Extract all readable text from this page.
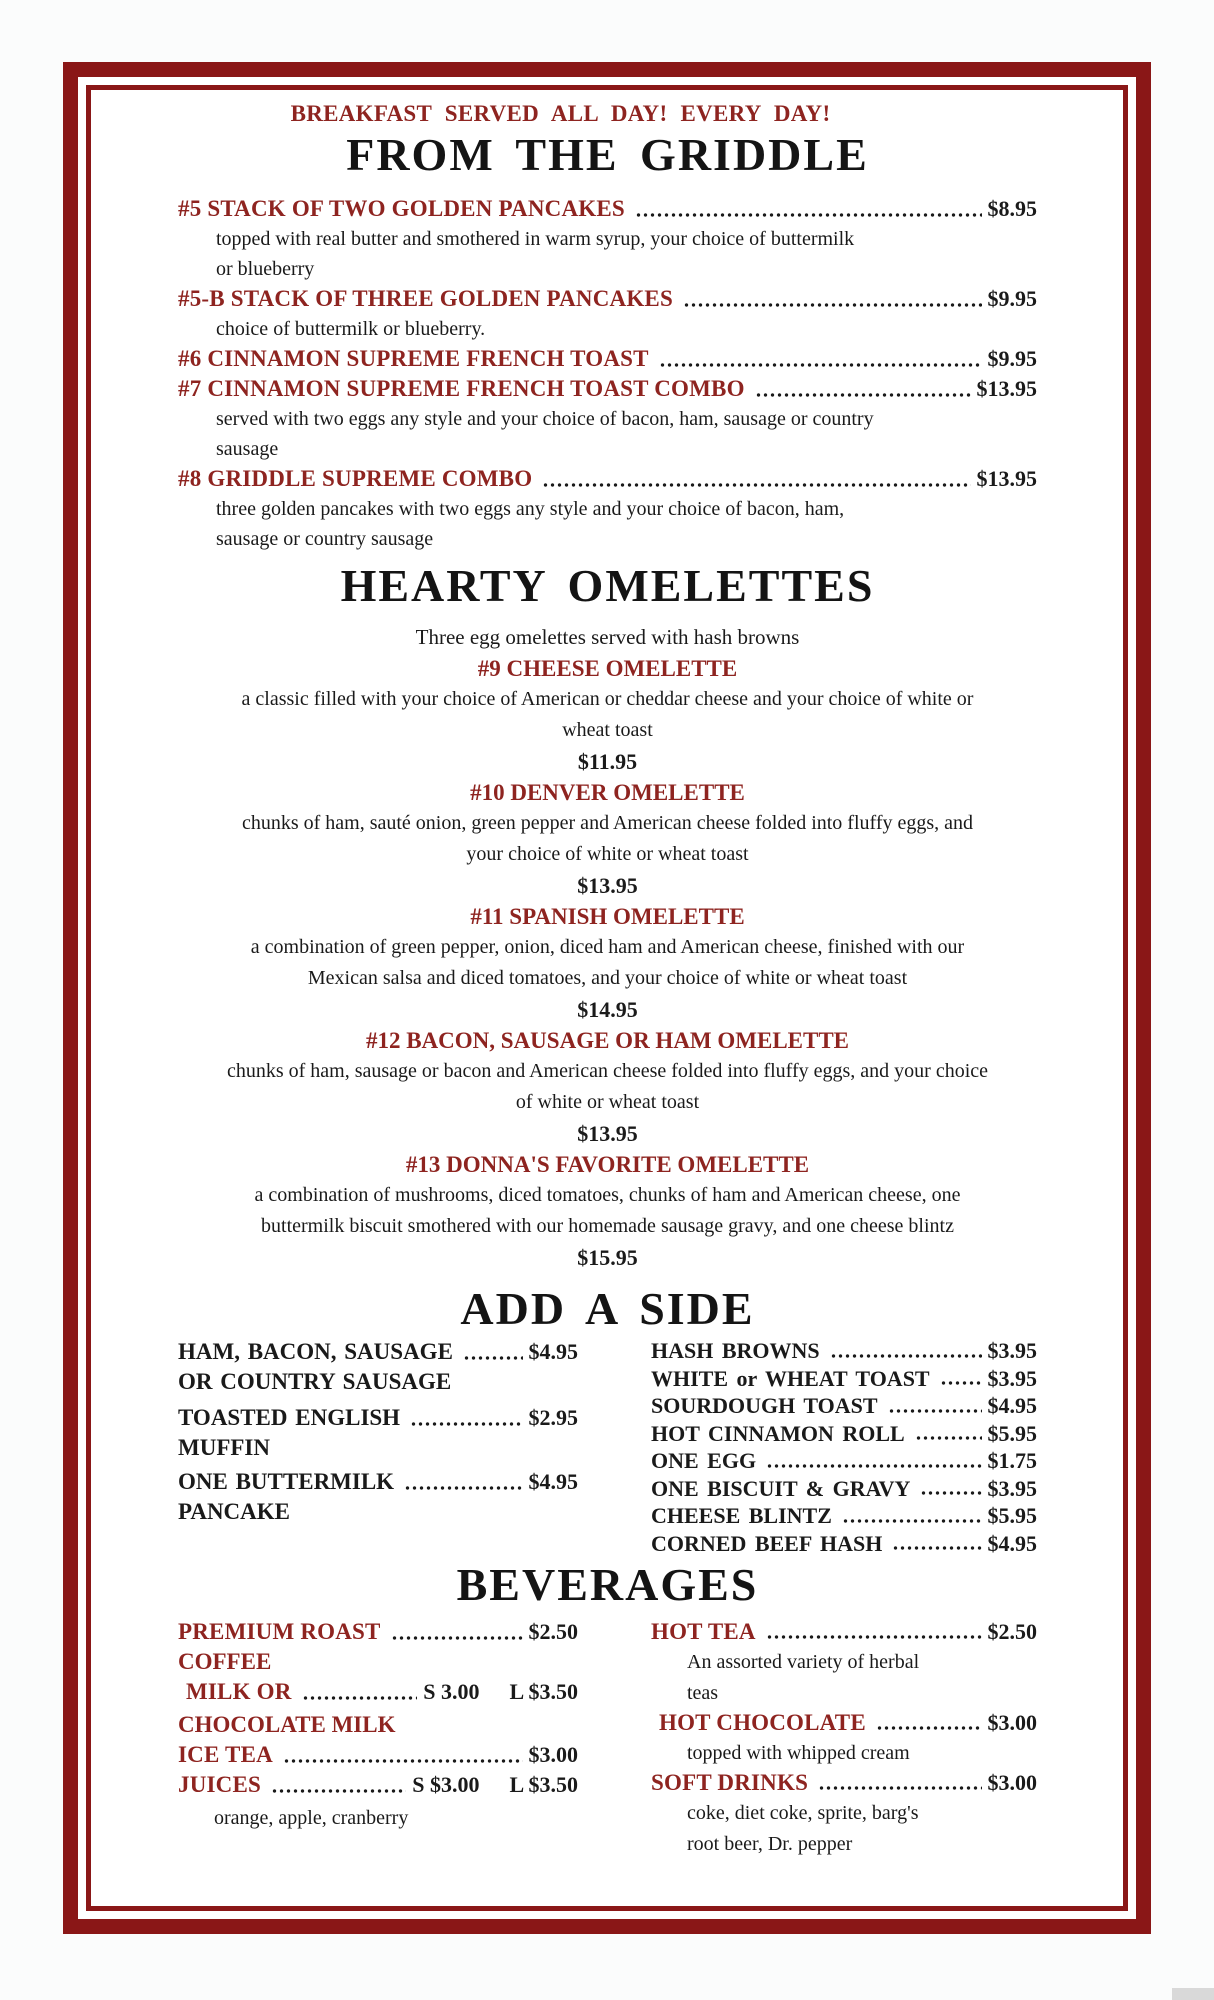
BREAKFAST SERVED ALL DAY! EVERY DAY!
FROM THE GRIDDLE
#5 STACK OF TWO GOLDEN PANCAKES	$8.95
topped with real butter and smothered in warm syrup, your choice of buttermilk
or blueberry
#5-B STACK OF THREE GOLDEN PANCAKES	$9.95
choice of buttermilk or blueberry.
#6 CINNAMON SUPREME FRENCH TOAST	$9.95
#7 CINNAMON SUPREME FRENCH TOAST COMBO	$13.95
served with two eggs any style and your choice of bacon, ham, sausage or country
sausage
#8 GRIDDLE SUPREME COMBO	$13.95
three golden pancakes with two eggs any style and your choice of bacon, ham,
sausage or country sausage
HEARTY OMELETTES
Three egg omelettes served with hash browns
#9 CHEESE OMELETTE
a classic filled with your choice of American or cheddar cheese and your choice of white or
wheat toast
$11.95
#10 DENVER OMELETTE
chunks of ham, sauté onion, green pepper and American cheese folded into fluffy eggs, and
your choice of white or wheat toast
$13.95
#11 SPANISH OMELETTE
a combination of green pepper, onion, diced ham and American cheese, finished with our
Mexican salsa and diced tomatoes, and your choice of white or wheat toast
$14.95
#12 BACON, SAUSAGE OR HAM OMELETTE
chunks of ham, sausage or bacon and American cheese folded into fluffy eggs, and your choice
of white or wheat toast
$13.95
#13 DONNA'S FAVORITE OMELETTE
a combination of mushrooms, diced tomatoes, chunks of ham and American cheese, one
buttermilk biscuit smothered with our homemade sausage gravy, and one cheese blintz
$15.95
ADD A SIDE
HAM, BACON, SAUSAGE	$4.95
OR COUNTRY SAUSAGE
TOASTED ENGLISH	$2.95
MUFFIN
ONE BUTTERMILK	$4.95
PANCAKE
HASH BROWNS	$3.95
WHITE or WHEAT TOAST	$3.95
SOURDOUGH TOAST	$4.95
HOT CINNAMON ROLL	$5.95
ONE EGG	$1.75
ONE BISCUIT & GRAVY	$3.95
CHEESE BLINTZ	$5.95
CORNED BEEF HASH	$4.95
BEVERAGES
PREMIUM ROAST	$2.50
COFFEE
MILK OR	S 3.00 L $3.50
CHOCOLATE MILK
ICE TEA	$3.00
JUICES	S $3.00 L $3.50
orange, apple, cranberry
HOT TEA	$2.50
An assorted variety of herbal
teas
HOT CHOCOLATE	$3.00
topped with whipped cream
SOFT DRINKS	$3.00
coke, diet coke, sprite, barg's
root beer, Dr. pepper
